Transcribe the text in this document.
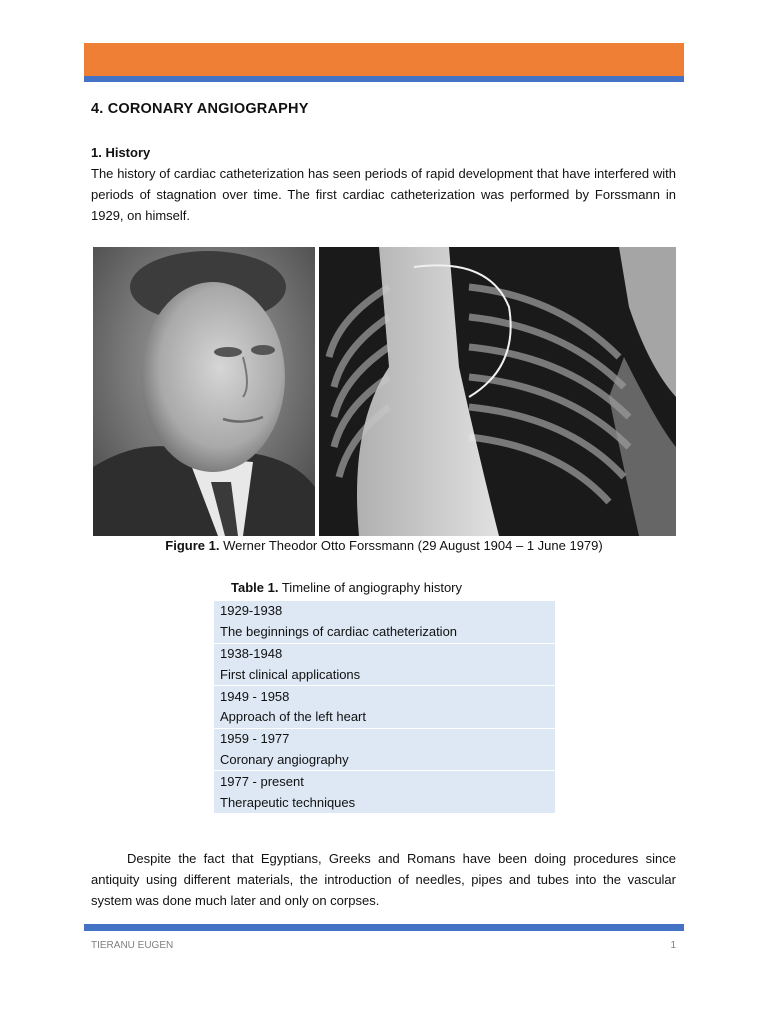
4. CORONARY ANGIOGRAPHY
1. History
The history of cardiac catheterization has seen periods of rapid development that have interfered with periods of stagnation over time. The first cardiac catheterization was performed by Forssmann in 1929, on himself.
Figure 1. Werner Theodor Otto Forssmann (29 August 1904 – 1 June 1979)
Table 1. Timeline of angiography history
1929-1938
The beginnings of cardiac catheterization
1938-1948
First clinical applications
1949 - 1958
Approach of the left heart
1959 - 1977
Coronary angiography
1977 - present
Therapeutic techniques
Despite the fact that Egyptians, Greeks and Romans have been doing procedures since antiquity using different materials, the introduction of needles, pipes and tubes into the vascular system was done much later and only on corpses.
TIERANU EUGEN	1
